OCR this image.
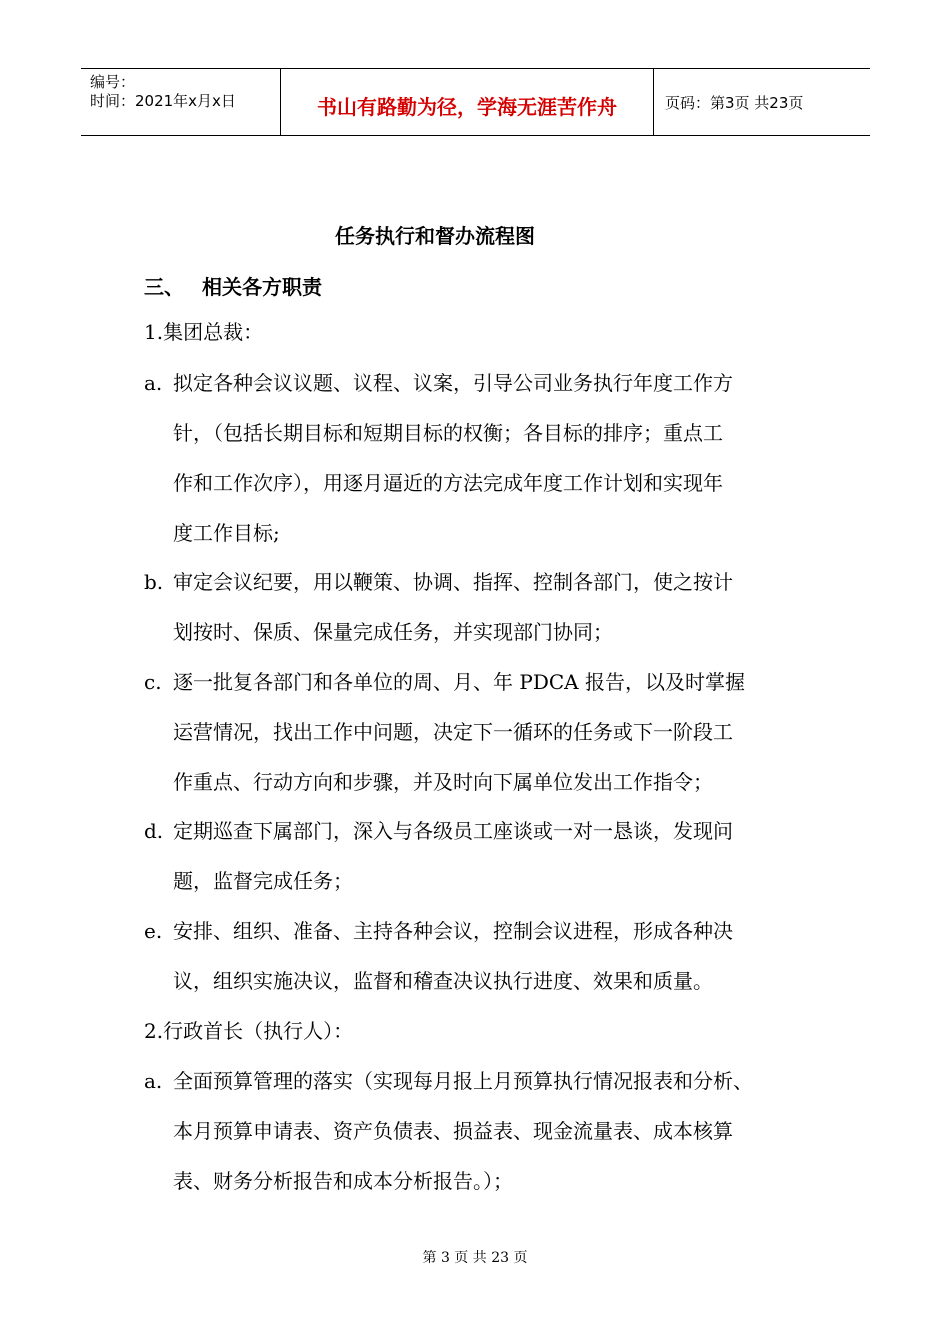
编号：
时间：2021年x月x日	书山有路勤为径，学海无涯苦作舟	页码：第3页 共23页
任务执行和督办流程图
三、 相关各方职责
1.集团总裁：
a. 拟定各种会议议题、议程、议案，引导公司业务执行年度工作方
针，（包括长期目标和短期目标的权衡；各目标的排序；重点工
作和工作次序），用逐月逼近的方法完成年度工作计划和实现年
度工作目标;
b. 审定会议纪要，用以鞭策、协调、指挥、控制各部门，使之按计
划按时、保质、保量完成任务，并实现部门协同；
c. 逐一批复各部门和各单位的周、月、年 PDCA 报告，以及时掌握
运营情况，找出工作中问题，决定下一循环的任务或下一阶段工
作重点、行动方向和步骤，并及时向下属单位发出工作指令；
d. 定期巡查下属部门，深入与各级员工座谈或一对一恳谈，发现问
题，监督完成任务；
e. 安排、组织、准备、主持各种会议，控制会议进程，形成各种决
议，组织实施决议，监督和稽查决议执行进度、效果和质量。
2.行政首长（执行人）：
a. 全面预算管理的落实（实现每月报上月预算执行情况报表和分析、
本月预算申请表、资产负债表、损益表、现金流量表、成本核算
表、财务分析报告和成本分析报告。）；
第 3 页 共 23 页
